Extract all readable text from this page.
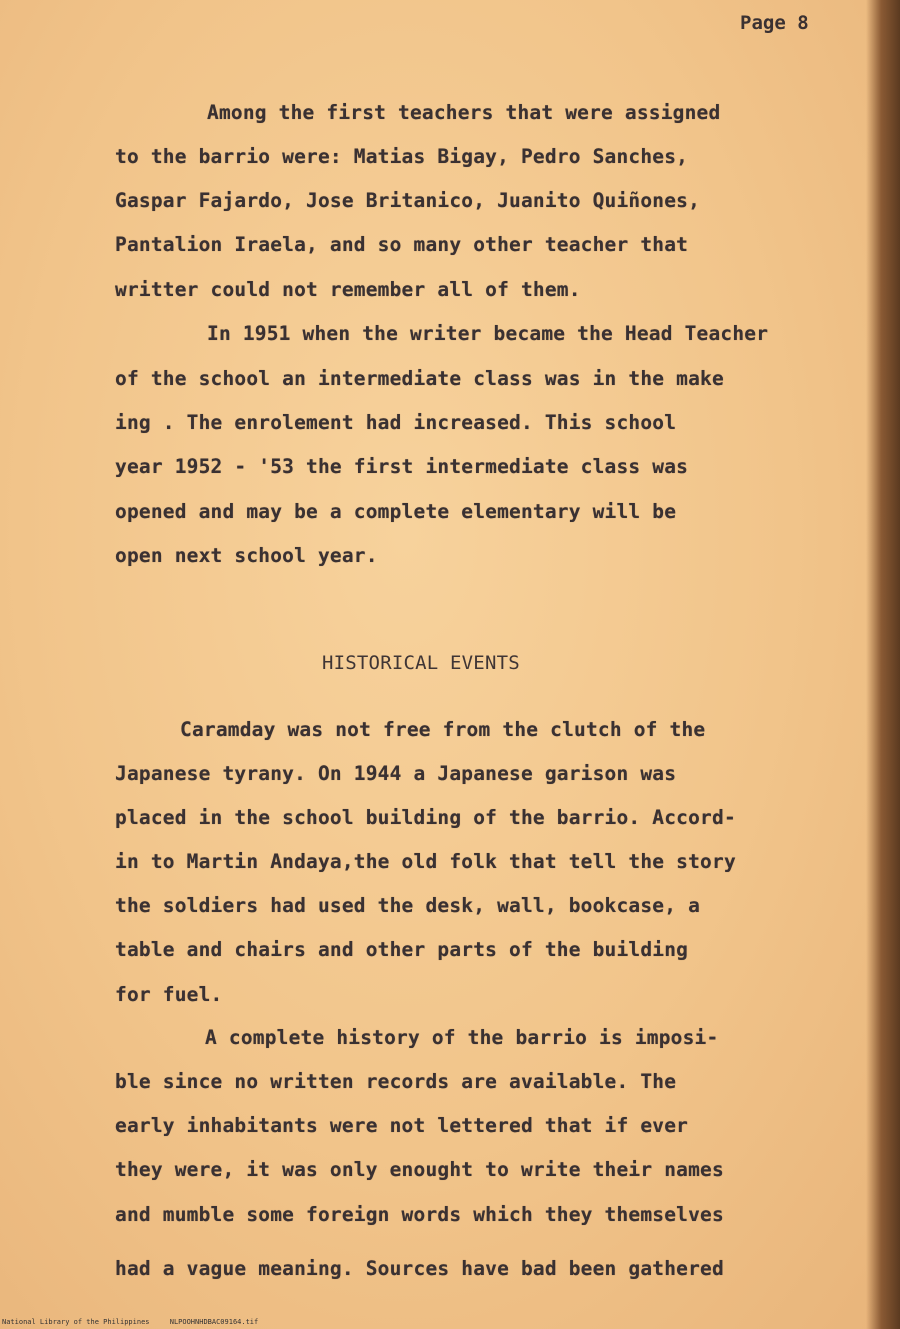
Page 8
Among the first teachers that were assigned
to the barrio were: Matias Bigay, Pedro Sanches,
Gaspar Fajardo, Jose Britanico, Juanito Quiñones,
Pantalion Iraela, and so many other teacher that
writter could not remember all of them.
In 1951 when the writer became the Head Teacher
of the school an intermediate class was in the make
ing . The enrolement had increased. This school
year 1952 - '53 the first intermediate class was
opened and may be a complete elementary will be
open next school year.
HISTORICAL EVENTS
Caramday was not free from the clutch of the
Japanese tyrany. On 1944 a Japanese garison was
placed in the school building of the barrio. Accord-
in to Martin Andaya,the old folk that tell the story
the soldiers had used the desk, wall, bookcase, a
table and chairs and other parts of the building
for fuel.
A complete history of the barrio is imposi-
ble since no written records are available. The
early inhabitants were not lettered that if ever
they were, it was only enought to write their names
and mumble some foreign words which they themselves
had a vague meaning. Sources have bad been gathered
National Library of the Philippines	NLPOOHNHDBAC09164.tif
